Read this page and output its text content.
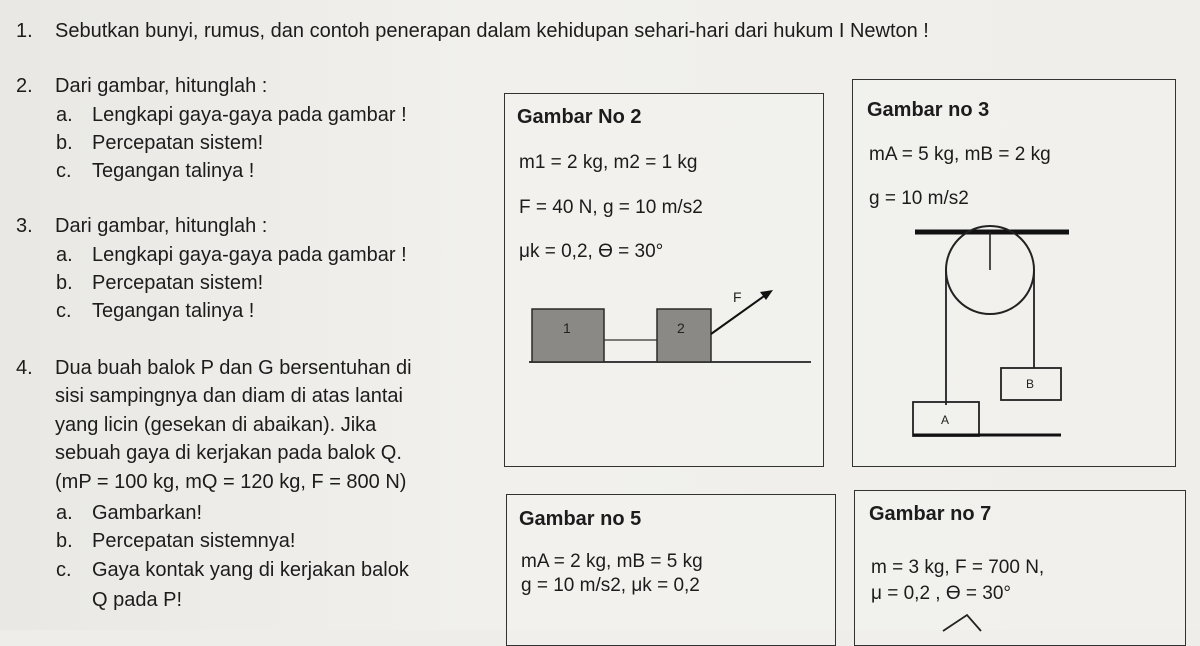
1.	Sebutkan bunyi, rumus, dan contoh penerapan dalam kehidupan sehari-hari dari hukum I Newton !
2.	Dari gambar, hitunglah :
a. Lengkapi gaya-gaya pada gambar !
b. Percepatan sistem!
c. Tegangan talinya !
3.	Dari gambar, hitunglah :
a. Lengkapi gaya-gaya pada gambar !
b. Percepatan sistem!
c. Tegangan talinya !
4.	Dua buah balok P dan G bersentuhan di
sisi sampingnya dan diam di atas lantai
yang licin (gesekan di abaikan). Jika
sebuah gaya di kerjakan pada balok Q.
(mP = 100 kg, mQ = 120 kg, F = 800 N)
a. Gambarkan!
b. Percepatan sistemnya!
c. Gaya kontak yang di kerjakan balok
Q pada P!
Gambar No 2
m1 = 2 kg, m2 = 1 kg
F = 40 N, g = 10 m/s2
μk = 0,2, ϴ = 30°
1	2
F
Gambar no 3
mA = 5 kg, mB = 2 kg
g = 10 m/s2
A
B
Gambar no 5
mA = 2 kg, mB = 5 kg
g = 10 m/s2, μk = 0,2
Gambar no 7
m = 3 kg, F = 700 N,
μ = 0,2 , ϴ = 30°
